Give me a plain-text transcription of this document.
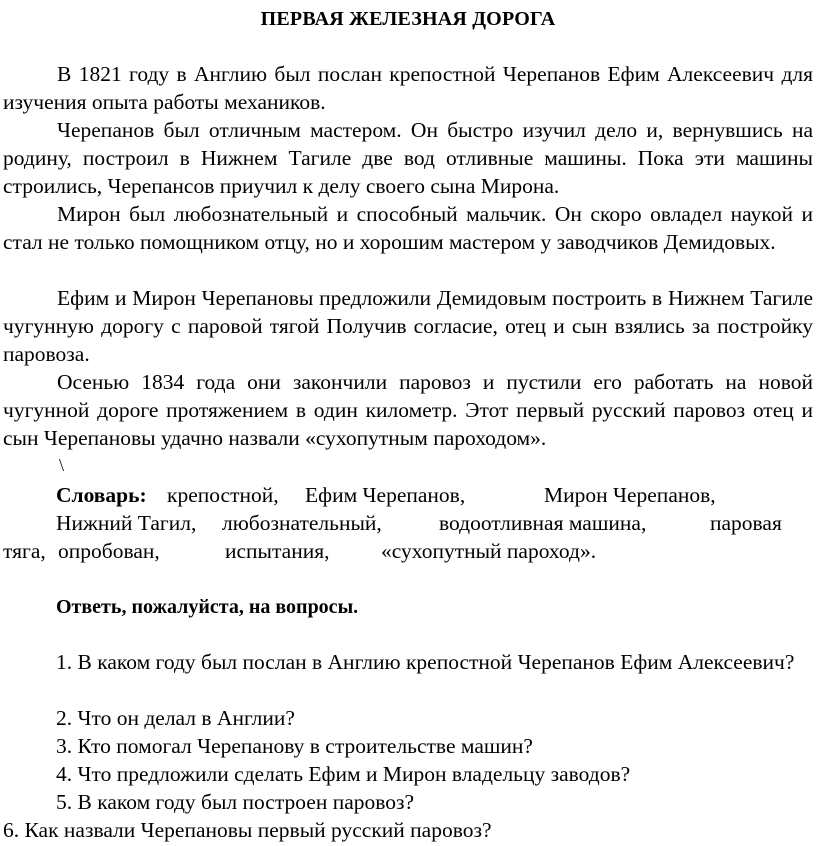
ПЕРВАЯ ЖЕЛЕЗНАЯ ДОРОГА

В 1821 году в Англию был послан крепостной Черепанов Ефим Алексеевич для изучения опыта работы механиков.

Черепанов был отличным мастером. Он быстро изучил дело и, вернувшись на родину, построил в Нижнем Тагиле две вод отливные машины. Пока эти машины строились, Черепансов приучил к делу своего сына Мирона.

Мирон был любознательный и способный мальчик. Он скоро овладел наукой и стал не только помощником отцу, но и хорошим мастером у заводчиков Демидовых.

Ефим и Мирон Черепановы предложили Демидовым построить в Нижнем Тагиле чугунную дорогу с паровой тягой Получив согласие, отец и сын взялись за постройку паровоза.

Осенью 1834 года они закончили паровоз и пустили его работать на новой чугунной дороге протяжением в один километр. Этот первый русский паровоз отец и сын Черепановы удачно назвали «сухопутным пароходом».

\
Словарь: крепостной, Ефим Черепанов,	Мирон Черепанов,
Нижний Тагил, любознательный,	водоотливная машина,	паровая
тяга, опробован,	испытания, «сухопутный пароход».
Ответь, пожалуйста, на вопросы.

1. В каком году был послан в Англию крепостной Черепанов Ефим Алексеевич?

2. Что он делал в Англии?

3. Кто помогал Черепанову в строительстве машин?

4. Что предложили сделать Ефим и Мирон владельцу заводов?

5. В каком году был построен паровоз?

6. Как назвали Черепановы первый русский паровоз?
